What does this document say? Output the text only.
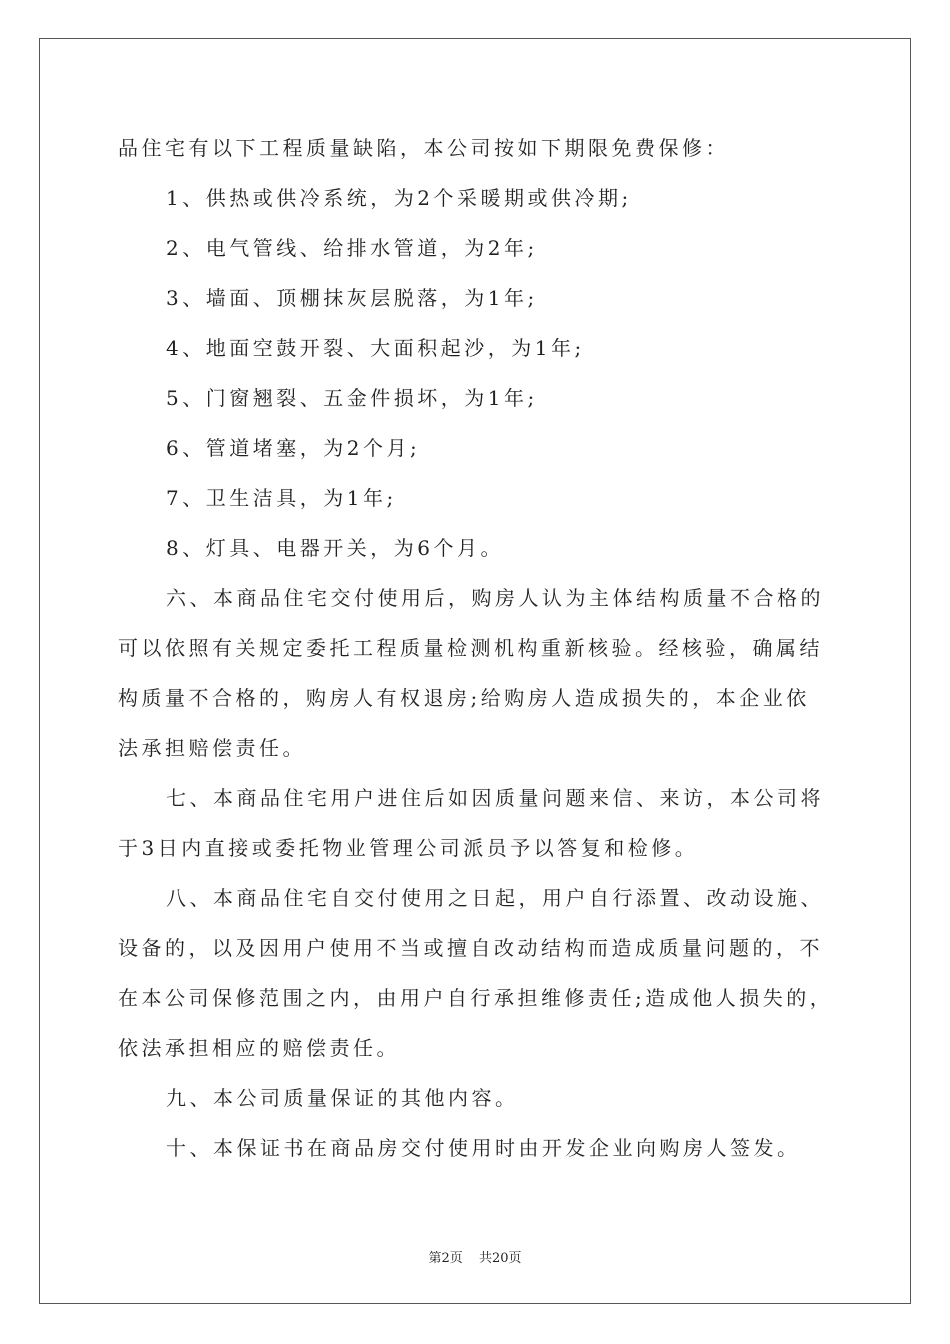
品住宅有以下工程质量缺陷，本公司按如下期限免费保修：
1、供热或供冷系统，为2个采暖期或供冷期;
2、电气管线、给排水管道，为2年;
3、墙面、顶棚抹灰层脱落，为1年;
4、地面空鼓开裂、大面积起沙，为1年;
5、门窗翘裂、五金件损坏，为1年;
6、管道堵塞，为2个月;
7、卫生洁具，为1年;
8、灯具、电器开关，为6个月。
六、本商品住宅交付使用后，购房人认为主体结构质量不合格的
可以依照有关规定委托工程质量检测机构重新核验。经核验，确属结
构质量不合格的，购房人有权退房;给购房人造成损失的，本企业依
法承担赔偿责任。
七、本商品住宅用户进住后如因质量问题来信、来访，本公司将
于3日内直接或委托物业管理公司派员予以答复和检修。
八、本商品住宅自交付使用之日起，用户自行添置、改动设施、
设备的，以及因用户使用不当或擅自改动结构而造成质量问题的，不
在本公司保修范围之内，由用户自行承担维修责任;造成他人损失的，
依法承担相应的赔偿责任。
九、本公司质量保证的其他内容。
十、本保证书在商品房交付使用时由开发企业向购房人签发。
第2页 共20页
